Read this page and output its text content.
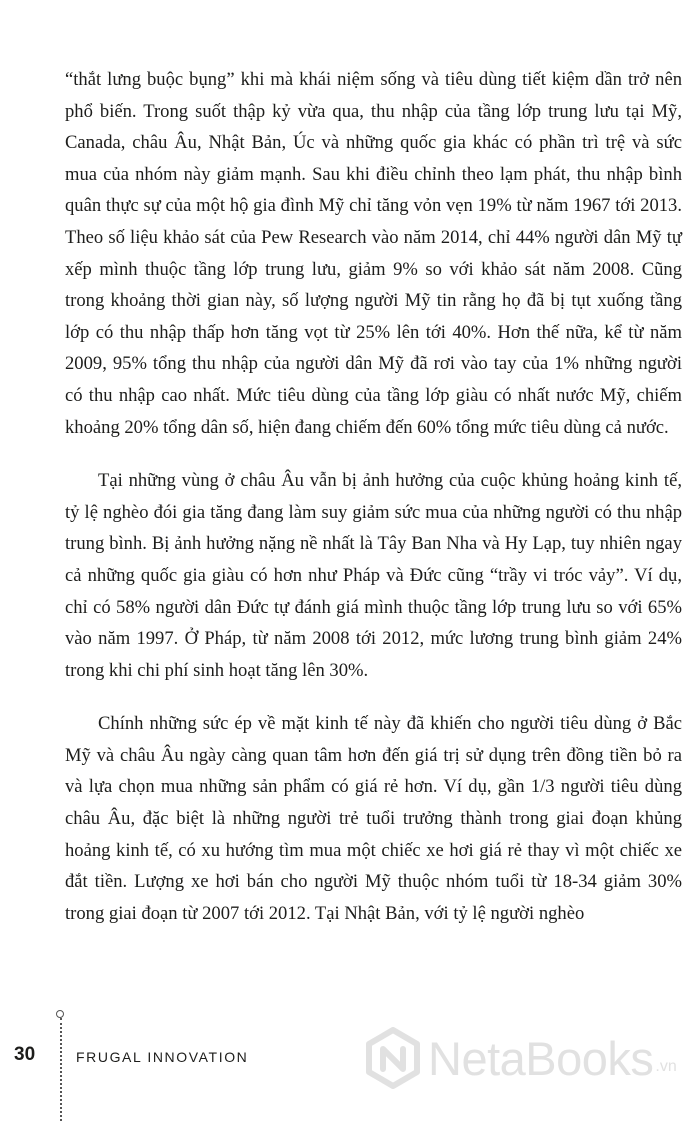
“thắt lưng buộc bụng” khi mà khái niệm sống và tiêu dùng tiết kiệm dần trở nên phổ biến. Trong suốt thập kỷ vừa qua, thu nhập của tầng lớp trung lưu tại Mỹ, Canada, châu Âu, Nhật Bản, Úc và những quốc gia khác có phần trì trệ và sức mua của nhóm này giảm mạnh. Sau khi điều chỉnh theo lạm phát, thu nhập bình quân thực sự của một hộ gia đình Mỹ chỉ tăng vỏn vẹn 19% từ năm 1967 tới 2013. Theo số liệu khảo sát của Pew Research vào năm 2014, chỉ 44% người dân Mỹ tự xếp mình thuộc tầng lớp trung lưu, giảm 9% so với khảo sát năm 2008. Cũng trong khoảng thời gian này, số lượng người Mỹ tin rằng họ đã bị tụt xuống tầng lớp có thu nhập thấp hơn tăng vọt từ 25% lên tới 40%. Hơn thế nữa, kể từ năm 2009, 95% tổng thu nhập của người dân Mỹ đã rơi vào tay của 1% những người có thu nhập cao nhất. Mức tiêu dùng của tầng lớp giàu có nhất nước Mỹ, chiếm khoảng 20% tổng dân số, hiện đang chiếm đến 60% tổng mức tiêu dùng cả nước.

Tại những vùng ở châu Âu vẫn bị ảnh hưởng của cuộc khủng hoảng kinh tế, tỷ lệ nghèo đói gia tăng đang làm suy giảm sức mua của những người có thu nhập trung bình. Bị ảnh hưởng nặng nề nhất là Tây Ban Nha và Hy Lạp, tuy nhiên ngay cả những quốc gia giàu có hơn như Pháp và Đức cũng “trầy vi tróc vảy”. Ví dụ, chỉ có 58% người dân Đức tự đánh giá mình thuộc tầng lớp trung lưu so với 65% vào năm 1997. Ở Pháp, từ năm 2008 tới 2012, mức lương trung bình giảm 24% trong khi chi phí sinh hoạt tăng lên 30%.

Chính những sức ép về mặt kinh tế này đã khiến cho người tiêu dùng ở Bắc Mỹ và châu Âu ngày càng quan tâm hơn đến giá trị sử dụng trên đồng tiền bỏ ra và lựa chọn mua những sản phẩm có giá rẻ hơn. Ví dụ, gần 1/3 người tiêu dùng châu Âu, đặc biệt là những người trẻ tuổi trưởng thành trong giai đoạn khủng hoảng kinh tế, có xu hướng tìm mua một chiếc xe hơi giá rẻ thay vì một chiếc xe đắt tiền. Lượng xe hơi bán cho người Mỹ thuộc nhóm tuổi từ 18-34 giảm 30% trong giai đoạn từ 2007 tới 2012. Tại Nhật Bản, với tỷ lệ người nghèo

30	FRUGAL INNOVATION	NetaBooks .vn
